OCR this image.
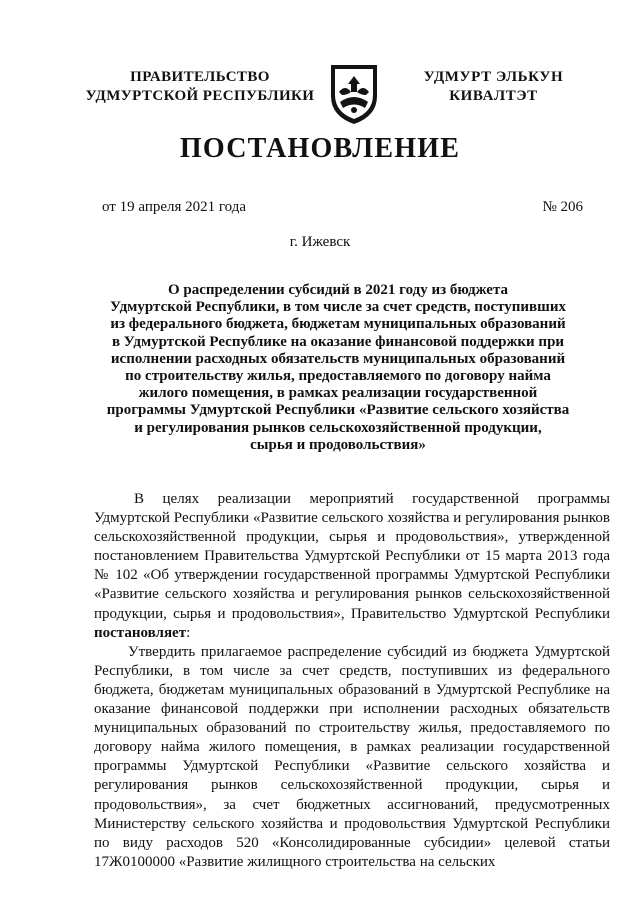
ПРАВИТЕЛЬСТВО
УДМУРТСКОЙ РЕСПУБЛИКИ
УДМУРТ ЭЛЬКУН
КИВАЛТЭТ
ПОСТАНОВЛЕНИЕ
от 19 апреля 2021 года	№ 206
г. Ижевск
О распределении субсидий в 2021 году из бюджета
Удмуртской Республики, в том числе за счет средств, поступивших
из федерального бюджета, бюджетам муниципальных образований
в Удмуртской Республике на оказание финансовой поддержки при
исполнении расходных обязательств муниципальных образований
по строительству жилья, предоставляемого по договору найма
жилого помещения, в рамках реализации государственной
программы Удмуртской Республики «Развитие сельского хозяйства
и регулирования рынков сельскохозяйственной продукции,
сырья и продовольствия»

В целях реализации мероприятий государственной программы Удмуртской Республики «Развитие сельского хозяйства и регулирования рынков сельскохозяйственной продукции, сырья и продовольствия», утвержденной постановлением Правительства Удмуртской Республики от 15 марта 2013 года № 102 «Об утверждении государственной программы Удмуртской Республики «Развитие сельского хозяйства и регулирования рынков сельскохозяйственной продукции, сырья и продовольствия», Правительство Удмуртской Республики постановляет:

Утвердить прилагаемое распределение субсидий из бюджета Удмуртской Республики, в том числе за счет средств, поступивших из федерального бюджета, бюджетам муниципальных образований в Удмуртской Республике на оказание финансовой поддержки при исполнении расходных обязательств муниципальных образований по строительству жилья, предоставляемого по договору найма жилого помещения, в рамках реализации государственной программы Удмуртской Республики «Развитие сельского хозяйства и регулирования рынков сельскохозяйственной продукции, сырья и продовольствия», за счет бюджетных ассигнований, предусмотренных Министерству сельского хозяйства и продовольствия Удмуртской Республики по виду расходов 520 «Консолидированные субсидии» целевой статьи 17Ж0100000 «Развитие жилищного строительства на сельских
